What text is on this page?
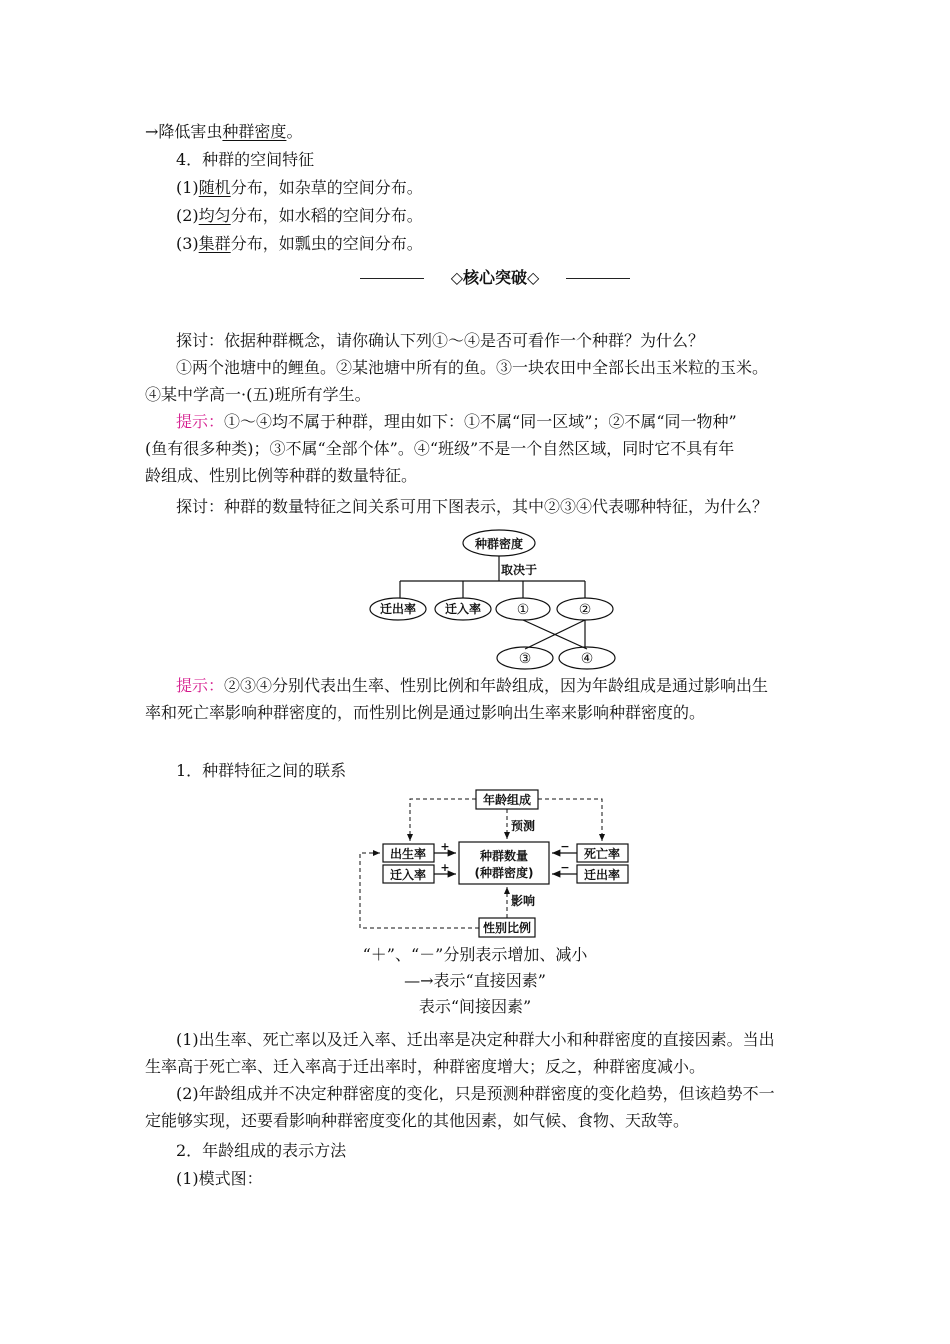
→降低害虫种群密度。
4．种群的空间特征
(1)随机分布，如杂草的空间分布。
(2)均匀分布，如水稻的空间分布。
(3)集群分布，如瓢虫的空间分布。
◇核心突破◇
探讨：依据种群概念，请你确认下列①～④是否可看作一个种群？为什么？
①两个池塘中的鲤鱼。②某池塘中所有的鱼。③一块农田中全部长出玉米粒的玉米。
④某中学高一·(五)班所有学生。
提示：①～④均不属于种群，理由如下：①不属“同一区域”；②不属“同一物种”
(鱼有很多种类)；③不属“全部个体”。④“班级”不是一个自然区域，同时它不具有年
龄组成、性别比例等种群的数量特征。
探讨：种群的数量特征之间关系可用下图表示，其中②③④代表哪种特征，为什么？
种群密度
取决于
迁出率 迁入率	①	②
③	④
提示：②③④分别代表出生率、性别比例和年龄组成，因为年龄组成是通过影响出生
率和死亡率影响种群密度的，而性别比例是通过影响出生率来影响种群密度的。
1．种群特征之间的联系
年龄组成
预测
出生率
迁入率
种群数量
(种群密度)
死亡率
迁出率
影响
性别比例
+
+
−
−
“＋”、“－”分别表示增加、减小
—→表示“直接因素”
表示“间接因素”
(1)出生率、死亡率以及迁入率、迁出率是决定种群大小和种群密度的直接因素。当出
生率高于死亡率、迁入率高于迁出率时，种群密度增大；反之，种群密度减小。
(2)年龄组成并不决定种群密度的变化，只是预测种群密度的变化趋势，但该趋势不一
定能够实现，还要看影响种群密度变化的其他因素，如气候、食物、天敌等。
2．年龄组成的表示方法
(1)模式图：
